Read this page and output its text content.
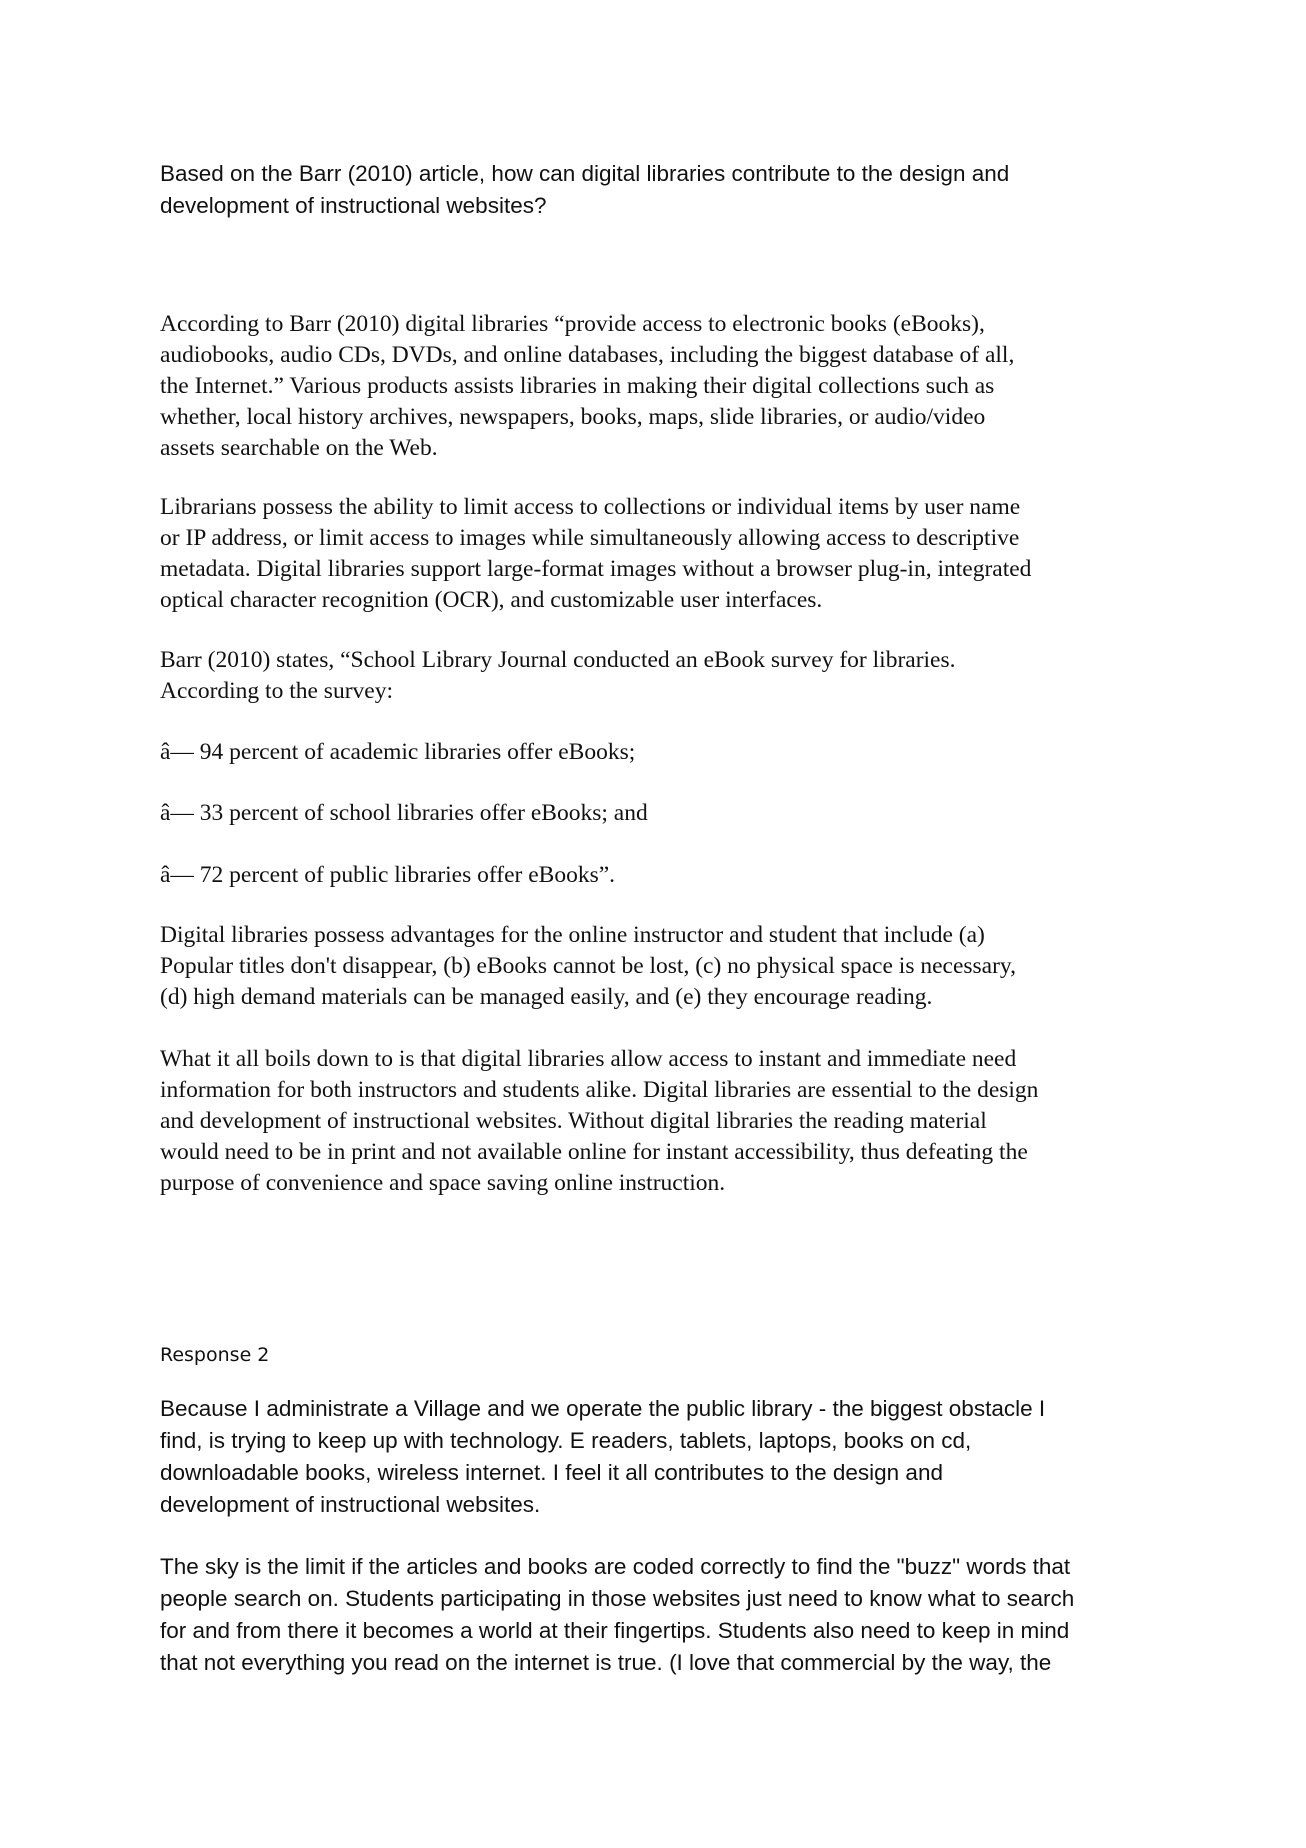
Based on the Barr (2010) article, how can digital libraries contribute to the design and
development of instructional websites?
According to Barr (2010) digital libraries “provide access to electronic books (eBooks),
audiobooks, audio CDs, DVDs, and online databases, including the biggest database of all,
the Internet.” Various products assists libraries in making their digital collections such as
whether, local history archives, newspapers, books, maps, slide libraries, or audio/video
assets searchable on the Web.
Librarians possess the ability to limit access to collections or individual items by user name
or IP address, or limit access to images while simultaneously allowing access to descriptive
metadata. Digital libraries support large-format images without a browser plug-in, integrated
optical character recognition (OCR), and customizable user interfaces.
Barr (2010) states, “School Library Journal conducted an eBook survey for libraries.
According to the survey:
â— 94 percent of academic libraries offer eBooks;
â— 33 percent of school libraries offer eBooks; and
â— 72 percent of public libraries offer eBooks”.
Digital libraries possess advantages for the online instructor and student that include (a)
Popular titles don't disappear, (b) eBooks cannot be lost, (c) no physical space is necessary,
(d) high demand materials can be managed easily, and (e) they encourage reading.
What it all boils down to is that digital libraries allow access to instant and immediate need
information for both instructors and students alike. Digital libraries are essential to the design
and development of instructional websites. Without digital libraries the reading material
would need to be in print and not available online for instant accessibility, thus defeating the
purpose of convenience and space saving online instruction.
Response 2
Because I administrate a Village and we operate the public library - the biggest obstacle I
find, is trying to keep up with technology. E readers, tablets, laptops, books on cd,
downloadable books, wireless internet. I feel it all contributes to the design and
development of instructional websites.
The sky is the limit if the articles and books are coded correctly to find the "buzz" words that
people search on. Students participating in those websites just need to know what to search
for and from there it becomes a world at their fingertips. Students also need to keep in mind
that not everything you read on the internet is true. (I love that commercial by the way, the
